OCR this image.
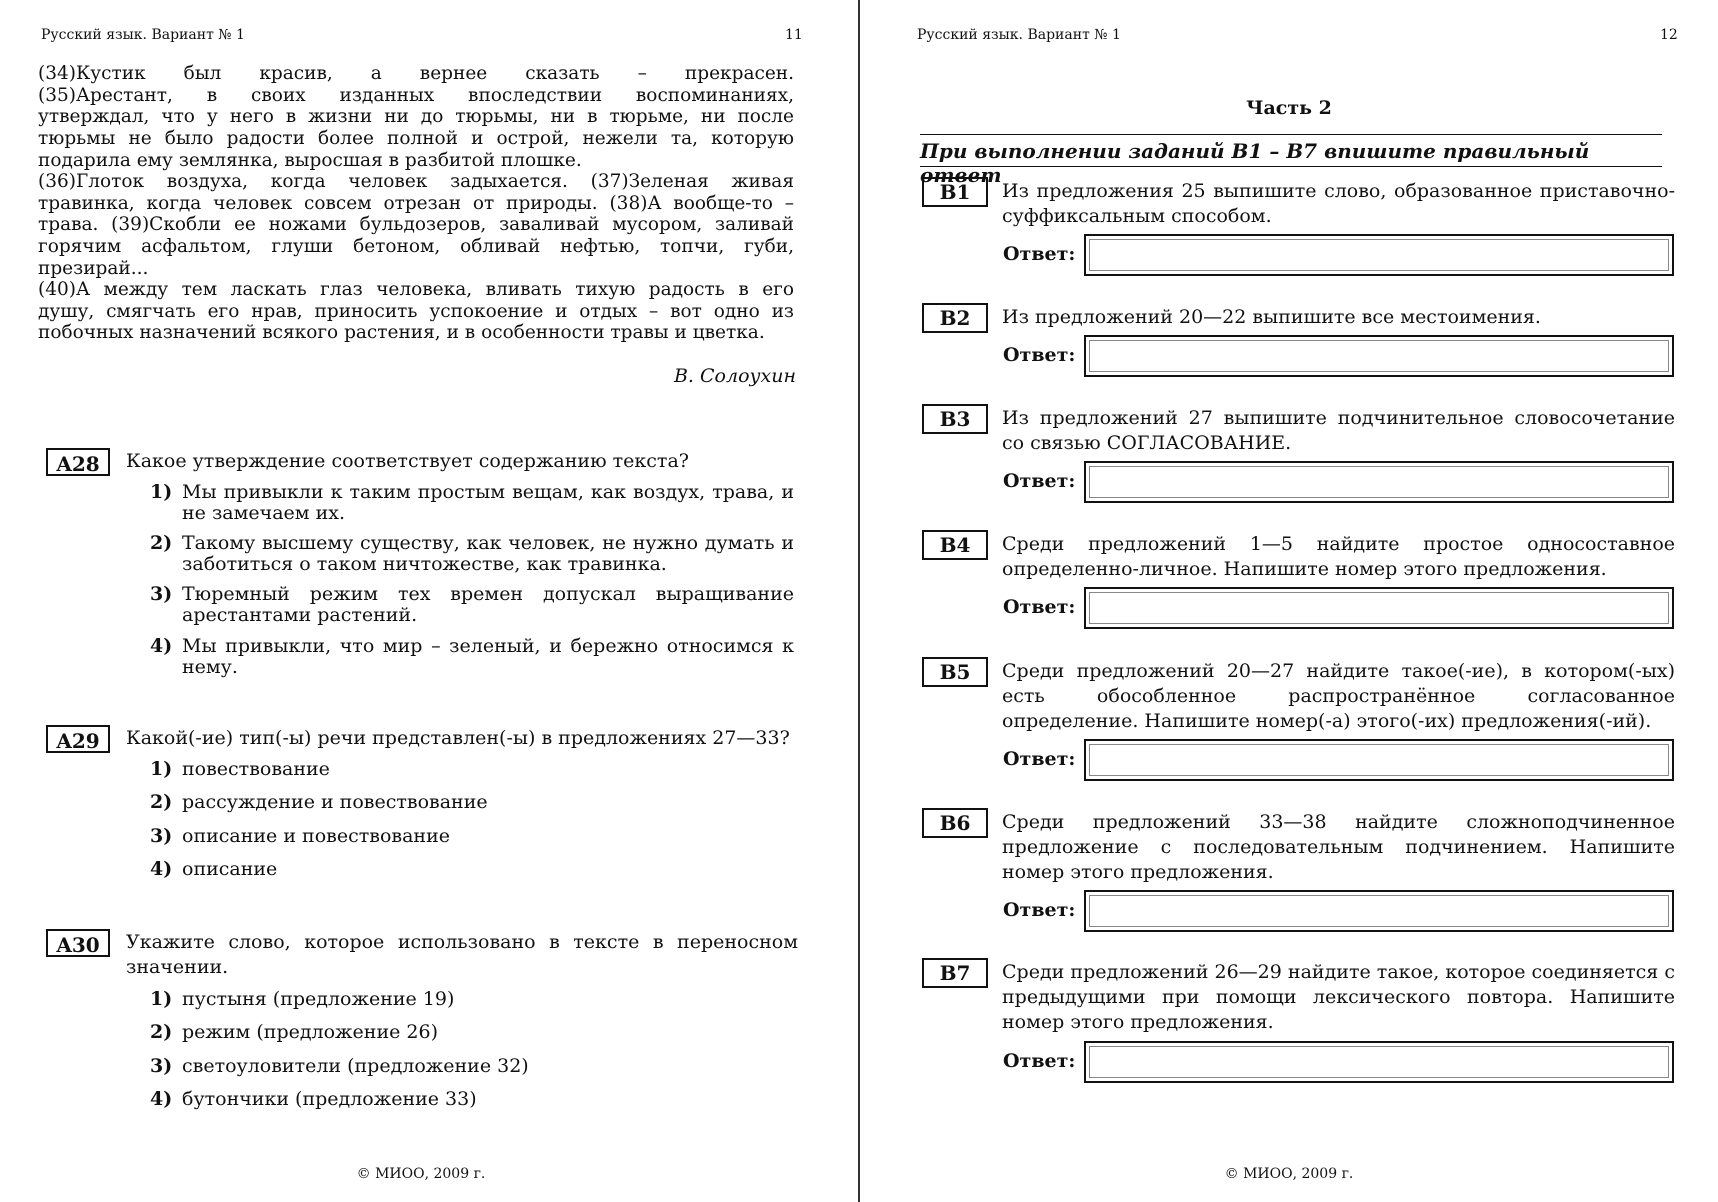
Русский язык. Вариант № 1	11
(34)Кустик был красив, а вернее сказать – прекрасен.
(35)Арестант, в своих изданных впоследствии воспоминаниях,
утверждал, что у него в жизни ни до тюрьмы, ни в тюрьме, ни после
тюрьмы не было радости более полной и острой, нежели та, которую
подарила ему землянка, выросшая в разбитой плошке.
(36)Глоток воздуха, когда человек задыхается. (37)Зеленая живая
травинка, когда человек совсем отрезан от природы. (38)А вообще-то –
трава. (39)Скобли ее ножами бульдозеров, заваливай мусором, заливай
горячим асфальтом, глуши бетоном, обливай нефтью, топчи, губи,
презирай...
(40)А между тем ласкать глаз человека, вливать тихую радость в его
душу, смягчать его нрав, приносить успокоение и отдых – вот одно из
побочных назначений всякого растения, и в особенности травы и цветка.
В. Солоухин
A28	Какое утверждение соответствует содержанию текста?
1) Мы привыкли к таким простым вещам, как воздух, трава, и не замечаем их.
2) Такому высшему существу, как человек, не нужно думать и заботиться о таком ничтожестве, как травинка.
3) Тюремный режим тех времен допускал выращивание арестантами растений.
4) Мы привыкли, что мир – зеленый, и бережно относимся к нему.
A29	Какой(-ие) тип(-ы) речи представлен(-ы) в предложениях 27—33?
1) повествование
2) рассуждение и повествование
3) описание и повествование
4) описание
A30	Укажите слово, которое использовано в тексте в переносном значении.
1) пустыня (предложение 19)
2) режим (предложение 26)
3) светоуловители (предложение 32)
4) бутончики (предложение 33)
© МИОО, 2009 г.
Русский язык. Вариант № 1	12
Часть 2
При выполнении заданий В1 – В7 впишите правильный ответ
В1	Из предложения 25 выпишите слово, образованное приставочно-суффиксальным способом.
Ответ:
В2	Из предложений 20—22 выпишите все местоимения.
Ответ:
В3	Из предложений 27 выпишите подчинительное словосочетание со связью СОГЛАСОВАНИЕ.
Ответ:
В4	Среди предложений 1—5 найдите простое односоставное определенно-личное. Напишите номер этого предложения.
Ответ:
В5	Среди предложений 20—27 найдите такое(-ие), в котором(-ых) есть обособленное распространённое согласованное определение. Напишите номер(-а) этого(-их) предложения(-ий).
Ответ:
В6	Среди предложений 33—38 найдите сложноподчиненное предложение с последовательным подчинением. Напишите номер этого предложения.
Ответ:
В7	Среди предложений 26—29 найдите такое, которое соединяется с предыдущими при помощи лексического повтора. Напишите номер этого предложения.
Ответ:
© МИОО, 2009 г.
